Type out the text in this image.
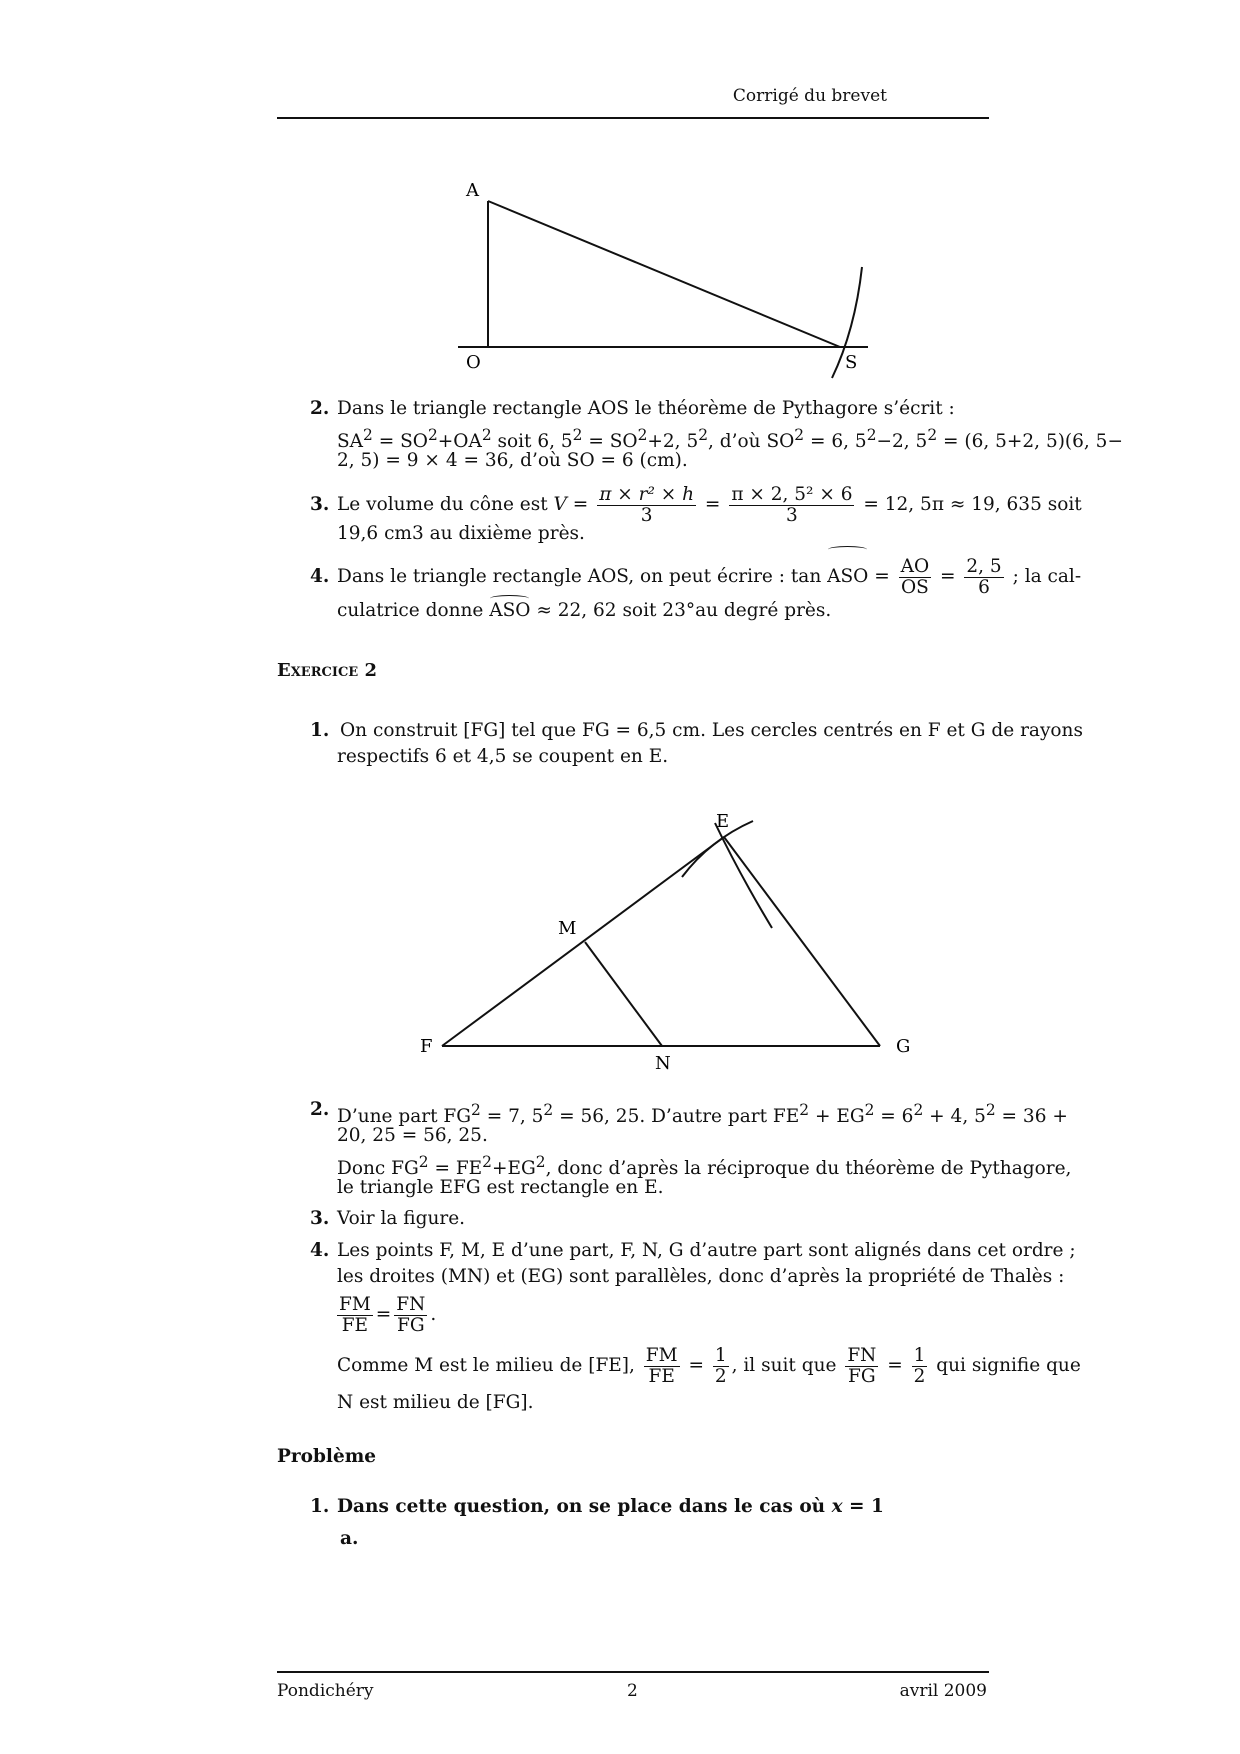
Corrigé du brevet
A
O	S
2. Dans le triangle rectangle AOS le théorème de Pythagore s’écrit :
$SA^2 = SO^2+OA^2$ soit 6, $5^2 = SO^2+2$, $5^2$, d’où $SO^2 = 6$, $5^2-2$, $5^2 = (6$, 5+2, 5)(6, 5−
2, 5) = 9 × 4 = 36, d’où SO = 6 (cm).
3. Le volume du cône est $V = \frac{\text{π × r² × h}}{3} = \frac{\text{π × 2, 5² × 6}}{3} = 12$, 5π ≈ 19, 635 soit
19,6 cm3 au dixième près.
4. Dans le triangle rectangle AOS, on peut écrire : tan ASO = $\frac{AO}{OS} = \frac{2, 5}{6}$ ; la cal-
culatrice donne ASO ≈ 22, 62 soit 23°au degré près.
Exercice 2
1. On construit [FG] tel que FG = 6,5 cm. Les cercles centrés en F et G de rayons
respectifs 6 et 4,5 se coupent en E.
E
M
F	G
N
2. D’une part $FG^2 = 7$, $5^2 = 56$, 25. D’autre part $FE^2 + EG^2 = 6^2 + 4$, $5^2 = 36$ +
20, 25 = 56, 25.
Donc $FG^2 = FE^2+EG^2$, donc d’après la réciproque du théorème de Pythagore,
le triangle EFG est rectangle en E.
3. Voir la figure.
4. Les points F, M, E d’une part, F, N, G d’autre part sont alignés dans cet ordre ;
les droites (MN) et (EG) sont parallèles, donc d’après la propriété de Thalès :
$\frac{FM}{FE} = \frac{FN}{FG}$ .
Comme M est le milieu de [FE], $\frac{FM}{FE} = \frac{1}{2}$ , il suit que $\frac{FN}{FG} = \frac{1}{2}$ qui signifie que
N est milieu de [FG].
Problème
1. Dans cette question, on se place dans le cas où x = 1
a.
Pondichéry	2	avril 2009
